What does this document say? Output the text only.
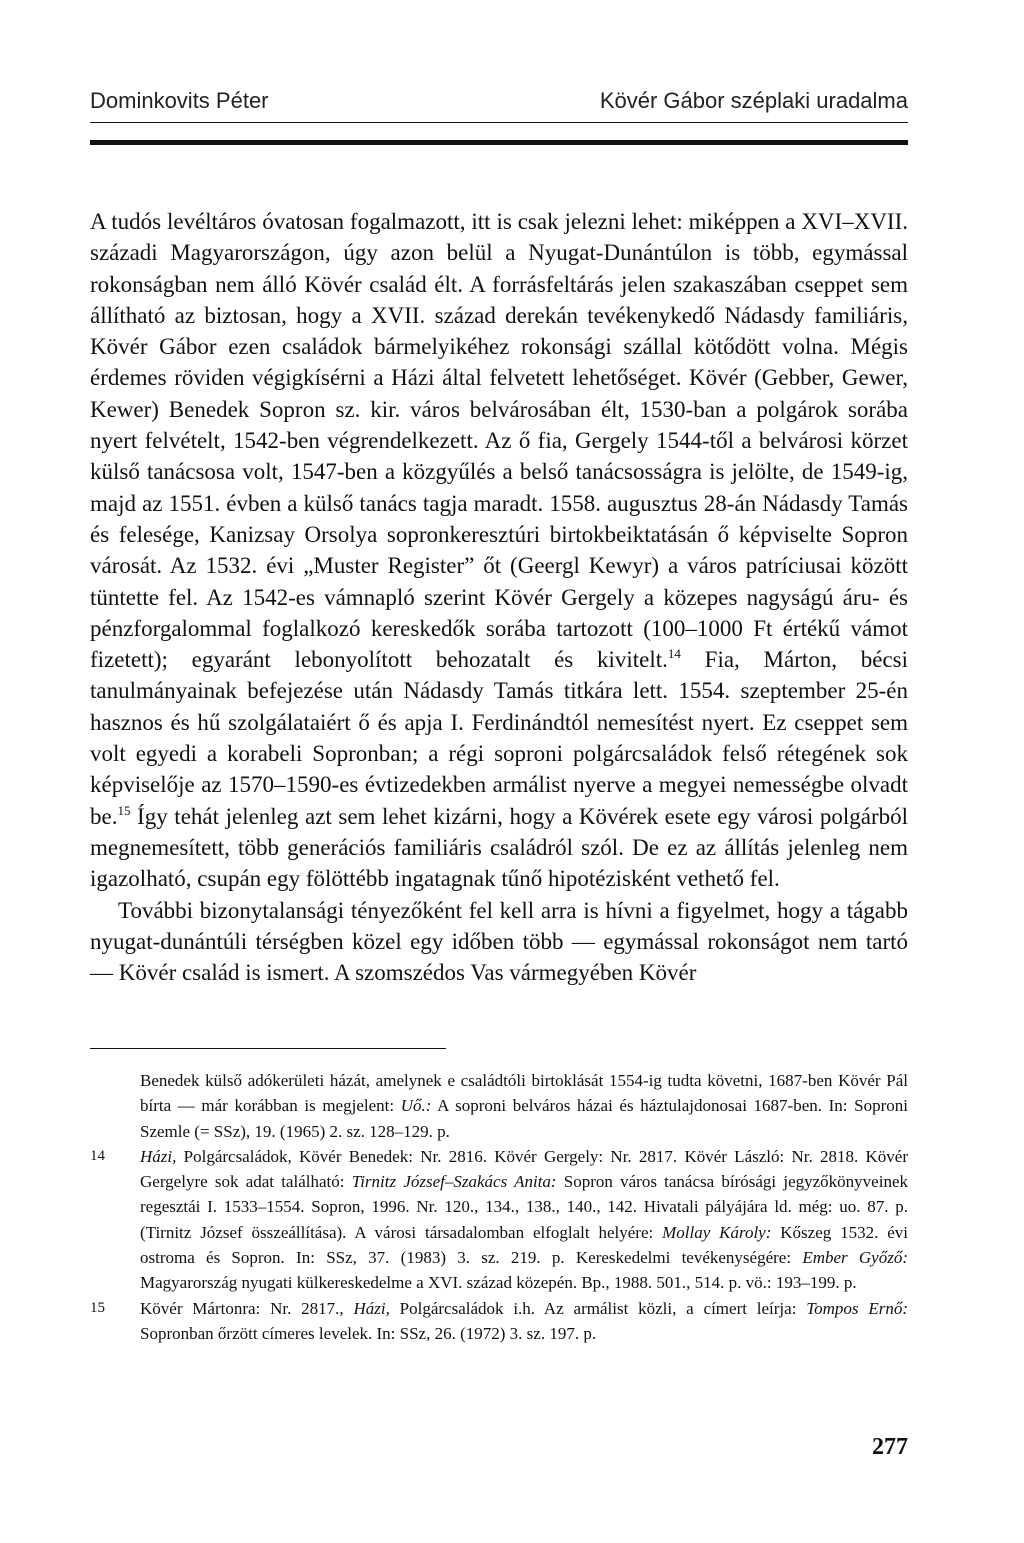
Dominkovits Péter	Kövér Gábor széplaki uradalma

A tudós levéltáros óvatosan fogalmazott, itt is csak jelezni lehet: miképpen a XVI–XVII. századi Magyarországon, úgy azon belül a Nyugat-Dunántúlon is több, egymással rokonságban nem álló Kövér család élt. A forrásfeltárás jelen szakaszában cseppet sem állítható az biztosan, hogy a XVII. század derekán tevékenykedő Nádasdy familiáris, Kövér Gábor ezen családok bármelyikéhez rokonsági szállal kötődött volna. Mégis érdemes röviden végigkísérni a Házi által felvetett lehetőséget. Kövér (Gebber, Gewer, Kewer) Benedek Sopron sz. kir. város belvárosában élt, 1530-ban a polgárok sorába nyert felvételt, 1542-ben végrendelkezett. Az ő fia, Gergely 1544-től a belvárosi körzet külső tanácsosa volt, 1547-ben a közgyűlés a belső tanácsosságra is jelölte, de 1549-ig, majd az 1551. évben a külső tanács tagja maradt. 1558. augusztus 28-án Nádasdy Tamás és felesége, Kanizsay Orsolya sopronkeresztúri birtokbeiktatásán ő képviselte Sopron városát. Az 1532. évi „Muster Register” őt (Geergl Kewyr) a város patríciusai között tüntette fel. Az 1542-es vámnapló szerint Kövér Gergely a közepes nagyságú áru- és pénzforgalommal foglalkozó kereskedők sorába tartozott (100–1000 Ft értékű vámot fizetett); egyaránt lebonyolított behozatalt és kivitelt.$^{14}$ Fia, Márton, bécsi tanulmányainak befejezése után Nádasdy Tamás titkára lett. 1554. szeptember 25-én hasznos és hű szolgálataiért ő és apja I. Ferdinándtól nemesítést nyert. Ez cseppet sem volt egyedi a korabeli Sopronban; a régi soproni polgárcsaládok felső rétegének sok képviselője az 1570–1590-es évtizedekben armálist nyerve a megyei nemességbe olvadt be.$^{15}$ Így tehát jelenleg azt sem lehet kizárni, hogy a Kövérek esete egy városi polgárból megnemesített, több generációs familiáris családról szól. De ez az állítás jelenleg nem igazolható, csupán egy fölöttébb ingatagnak tűnő hipotézisként vethető fel.

További bizonytalansági tényezőként fel kell arra is hívni a figyelmet, hogy a tágabb nyugat-dunántúli térségben közel egy időben több — egymással rokonságot nem tartó — Kövér család is ismert. A szomszédos Vas vármegyében Kövér

Benedek külső adókerületi házát, amelynek e családtóli birtoklását 1554-ig tudta követni, 1687-ben Kövér Pál bírta — már korábban is megjelent: Uő.: A soproni belváros házai és háztulajdonosai 1687-ben. In: Soproni Szemle (= SSz), 19. (1965) 2. sz. 128–129. p.

14 Házi, Polgárcsaládok, Kövér Benedek: Nr. 2816. Kövér Gergely: Nr. 2817. Kövér László: Nr. 2818. Kövér Gergelyre sok adat található: Tirnitz József–Szakács Anita: Sopron város tanácsa bírósági jegyzőkönyveinek regesztái I. 1533–1554. Sopron, 1996. Nr. 120., 134., 138., 140., 142. Hivatali pályájára ld. még: uo. 87. p. (Tirnitz József összeállítása). A városi társadalomban elfoglalt helyére: Mollay Károly: Kőszeg 1532. évi ostroma és Sopron. In: SSz, 37. (1983) 3. sz. 219. p. Kereskedelmi tevékenységére: Ember Győző: Magyarország nyugati külkereskedelme a XVI. század közepén. Bp., 1988. 501., 514. p. vö.: 193–199. p.

15 Kövér Mártonra: Nr. 2817., Házi, Polgárcsaládok i.h. Az armálist közli, a címert leírja: Tompos Ernő: Sopronban őrzött címeres levelek. In: SSz, 26. (1972) 3. sz. 197. p.

277
